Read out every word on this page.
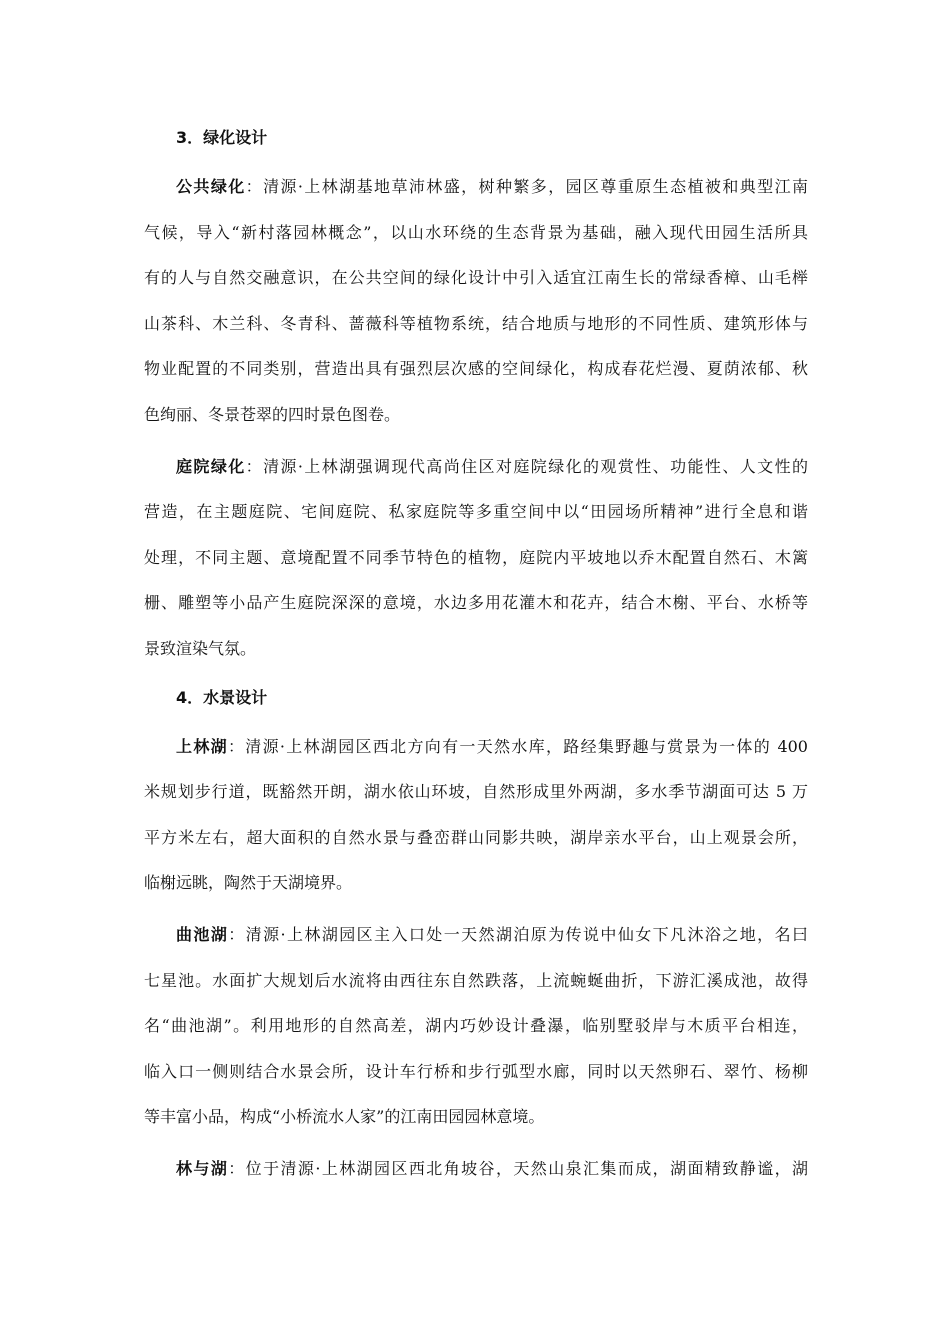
3．绿化设计
公共绿化：清源·上林湖基地草沛林盛，树种繁多，园区尊重原生态植被和典型江南
气候，导入“新村落园林概念”，以山水环绕的生态背景为基础，融入现代田园生活所具
有的人与自然交融意识，在公共空间的绿化设计中引入适宜江南生长的常绿香樟、山毛榉
山茶科、木兰科、冬青科、蔷薇科等植物系统，结合地质与地形的不同性质、建筑形体与
物业配置的不同类别，营造出具有强烈层次感的空间绿化，构成春花烂漫、夏荫浓郁、秋
色绚丽、冬景苍翠的四时景色图卷。
庭院绿化：清源·上林湖强调现代高尚住区对庭院绿化的观赏性、功能性、人文性的
营造，在主题庭院、宅间庭院、私家庭院等多重空间中以“田园场所精神”进行全息和谐
处理，不同主题、意境配置不同季节特色的植物，庭院内平坡地以乔木配置自然石、木篱
栅、雕塑等小品产生庭院深深的意境，水边多用花灌木和花卉，结合木榭、平台、水桥等
景致渲染气氛。
4．水景设计
上林湖：清源·上林湖园区西北方向有一天然水库，路经集野趣与赏景为一体的 400
米规划步行道，既豁然开朗，湖水依山环坡，自然形成里外两湖，多水季节湖面可达 5 万
平方米左右，超大面积的自然水景与叠峦群山同影共映，湖岸亲水平台，山上观景会所，
临榭远眺，陶然于天湖境界。
曲池湖：清源·上林湖园区主入口处一天然湖泊原为传说中仙女下凡沐浴之地，名曰
七星池。水面扩大规划后水流将由西往东自然跌落，上流蜿蜒曲折，下游汇溪成池，故得
名“曲池湖”。利用地形的自然高差，湖内巧妙设计叠瀑，临别墅驳岸与木质平台相连，
临入口一侧则结合水景会所，设计车行桥和步行弧型水廊，同时以天然卵石、翠竹、杨柳
等丰富小品，构成“小桥流水人家”的江南田园园林意境。
林与湖：位于清源·上林湖园区西北角坡谷，天然山泉汇集而成，湖面精致静谧，湖
